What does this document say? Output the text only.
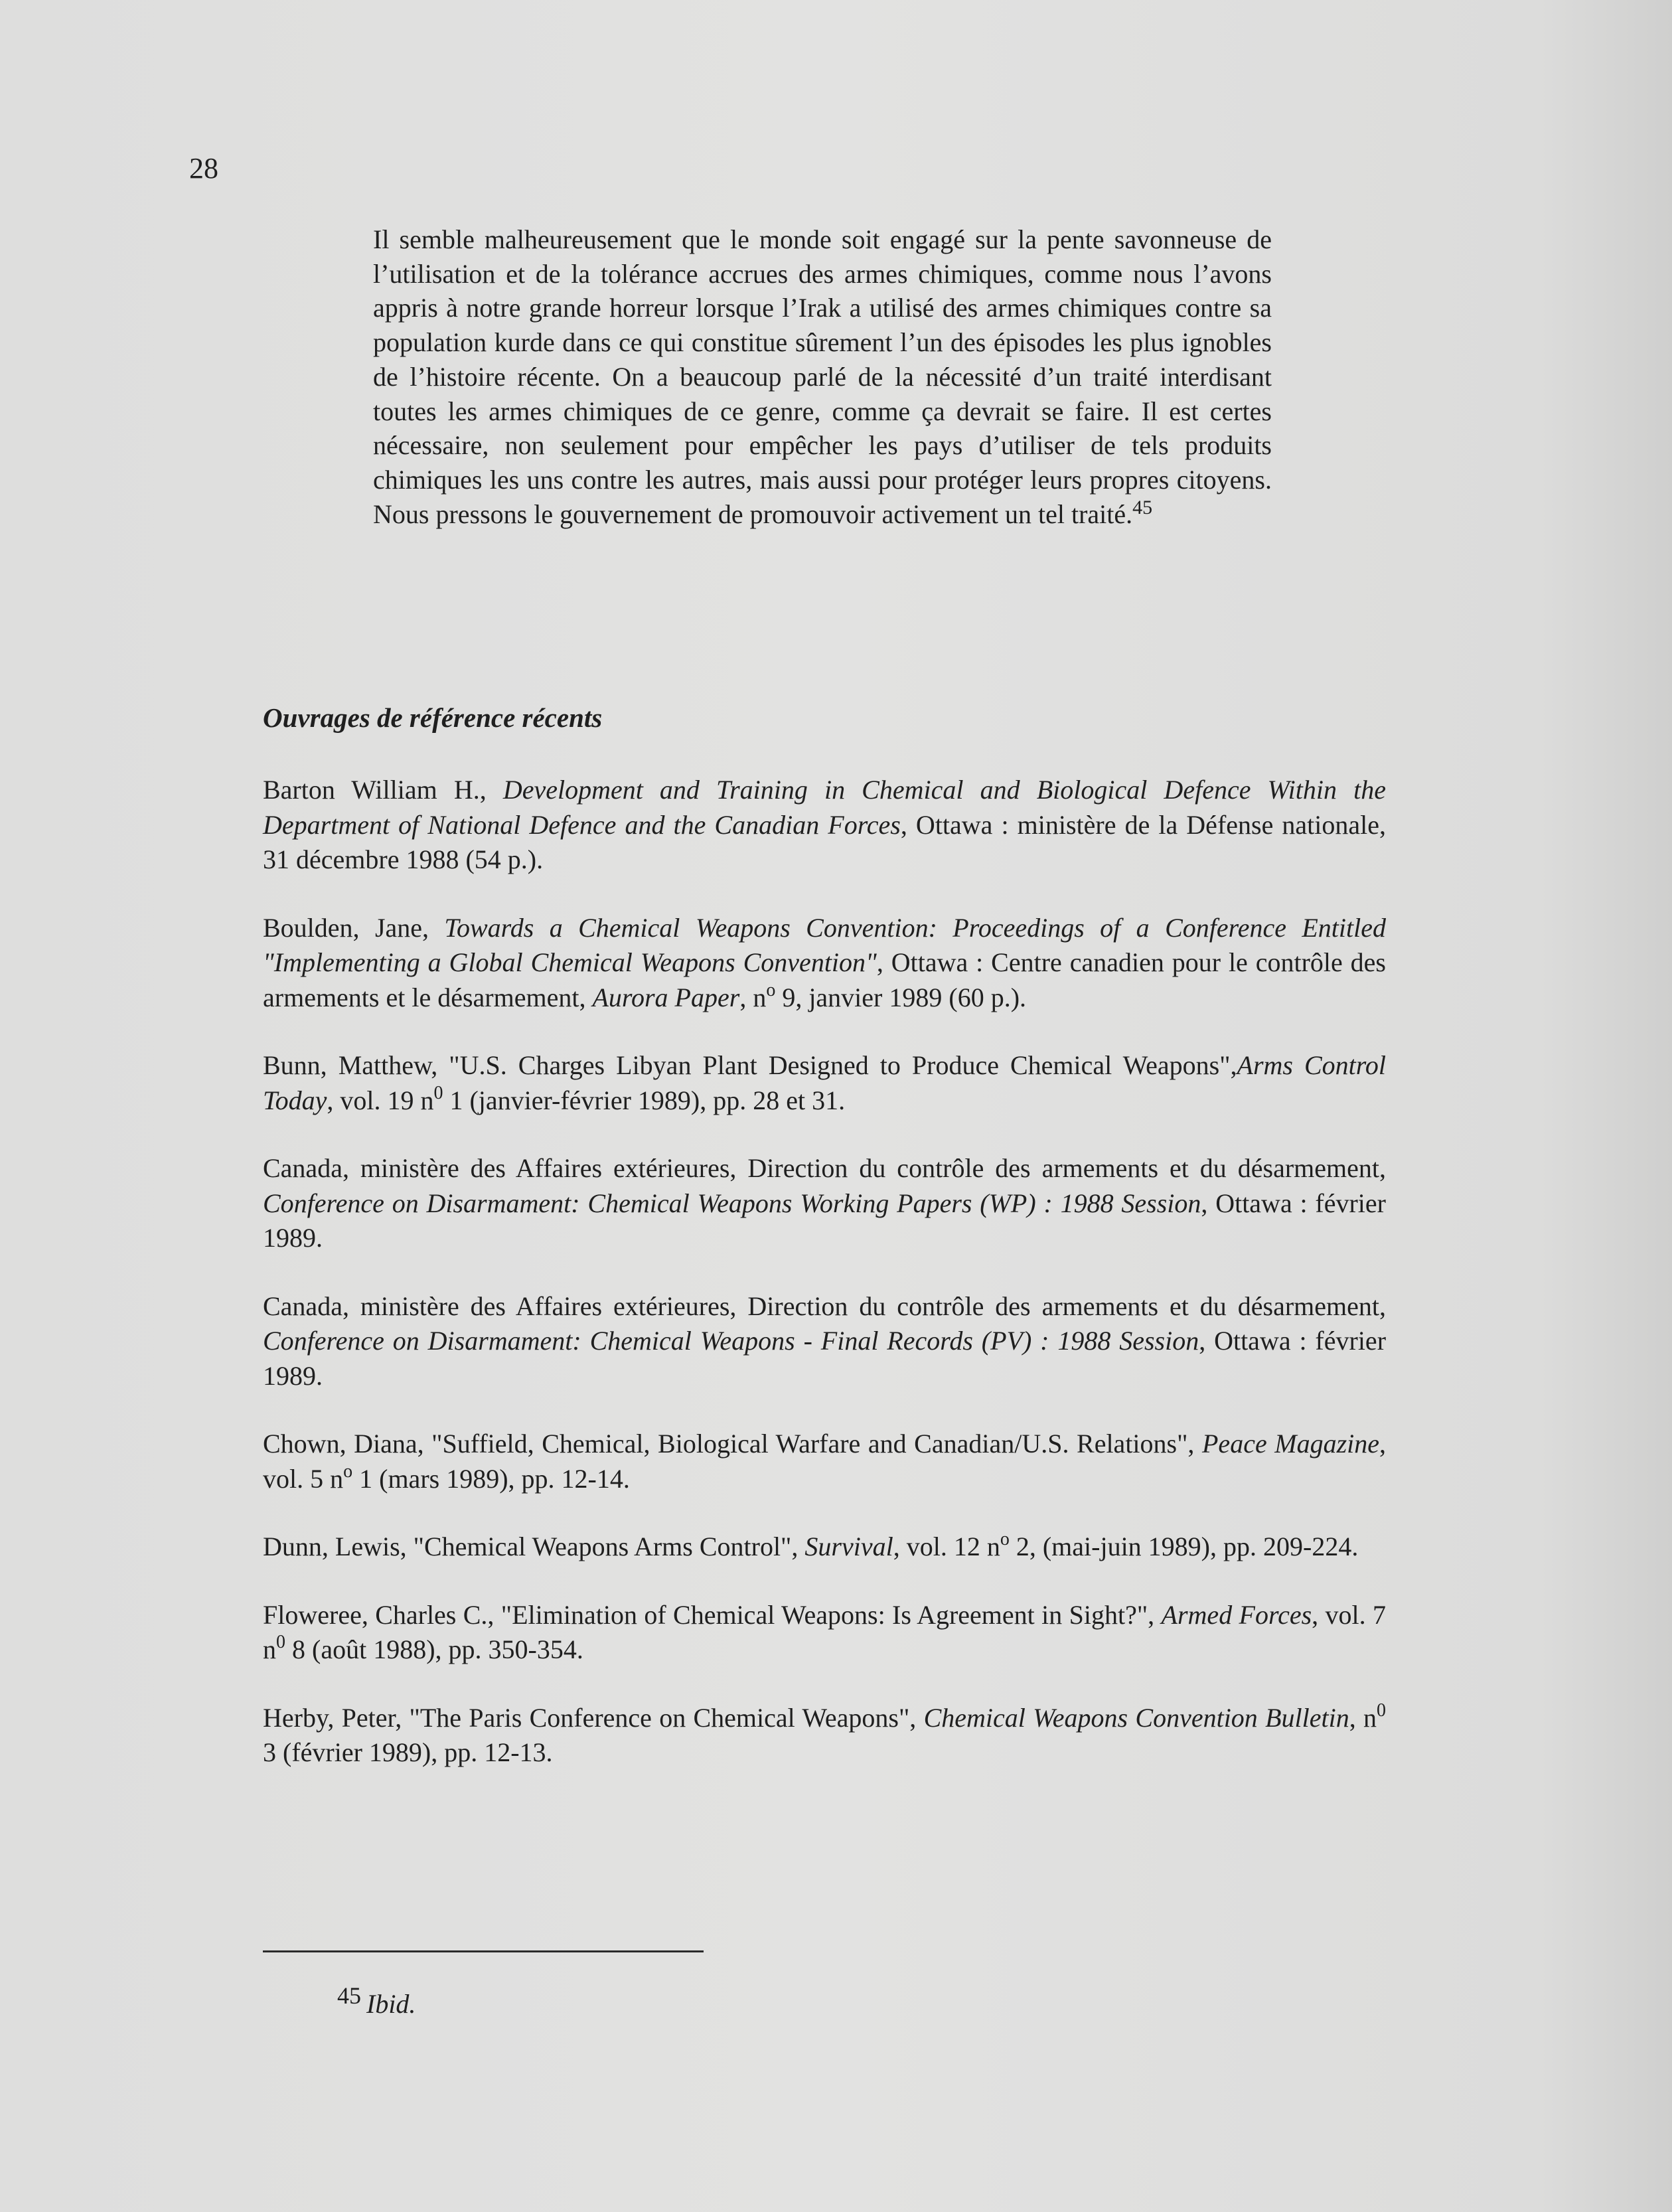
28

Il semble malheureusement que le monde soit engagé sur la pente savonneuse de l’utilisation et de la tolérance accrues des armes chimiques, comme nous l’avons appris à notre grande horreur lorsque l’Irak a utilisé des armes chimiques contre sa population kurde dans ce qui constitue sûrement l’un des épisodes les plus ignobles de l’histoire récente. On a beaucoup parlé de la nécessité d’un traité interdisant toutes les armes chimiques de ce genre, comme ça devrait se faire. Il est certes nécessaire, non seulement pour empêcher les pays d’utiliser de tels produits chimiques les uns contre les autres, mais aussi pour protéger leurs propres citoyens. Nous pressons le gouvernement de promouvoir activement un tel traité.$^{45}$

Ouvrages de référence récents
Barton William H., Development and Training in Chemical and Biological Defence Within the Department of National Defence and the Canadian Forces, Ottawa : ministère de la Défense nationale, 31 décembre 1988 (54 p.).
Boulden, Jane, Towards a Chemical Weapons Convention: Proceedings of a Conference Entitled "Implementing a Global Chemical Weapons Convention", Ottawa : Centre canadien pour le contrôle des armements et le désarmement, Aurora Paper, $n^o$ 9, janvier 1989 (60 p.).
Bunn, Matthew, "U.S. Charges Libyan Plant Designed to Produce Chemical Weapons",Arms Control Today, vol. 19 $n^0$ 1 (janvier-février 1989), pp. 28 et 31.
Canada, ministère des Affaires extérieures, Direction du contrôle des armements et du désarmement, Conference on Disarmament: Chemical Weapons Working Papers (WP) : 1988 Session, Ottawa : février 1989.
Canada, ministère des Affaires extérieures, Direction du contrôle des armements et du désarmement, Conference on Disarmament: Chemical Weapons - Final Records (PV) : 1988 Session, Ottawa : février 1989.
Chown, Diana, "Suffield, Chemical, Biological Warfare and Canadian/U.S. Relations", Peace Magazine, vol. 5 $n^o$ 1 (mars 1989), pp. 12-14.
Dunn, Lewis, "Chemical Weapons Arms Control", Survival, vol. 12 $n^o$ 2, (mai-juin 1989), pp. 209-224.
Floweree, Charles C., "Elimination of Chemical Weapons: Is Agreement in Sight?", Armed Forces, vol. 7 $n^0$ 8 (août 1988), pp. 350-354.
Herby, Peter, "The Paris Conference on Chemical Weapons", Chemical Weapons Convention Bulletin, $n^0$ 3 (février 1989), pp. 12-13.
45 Ibid.
